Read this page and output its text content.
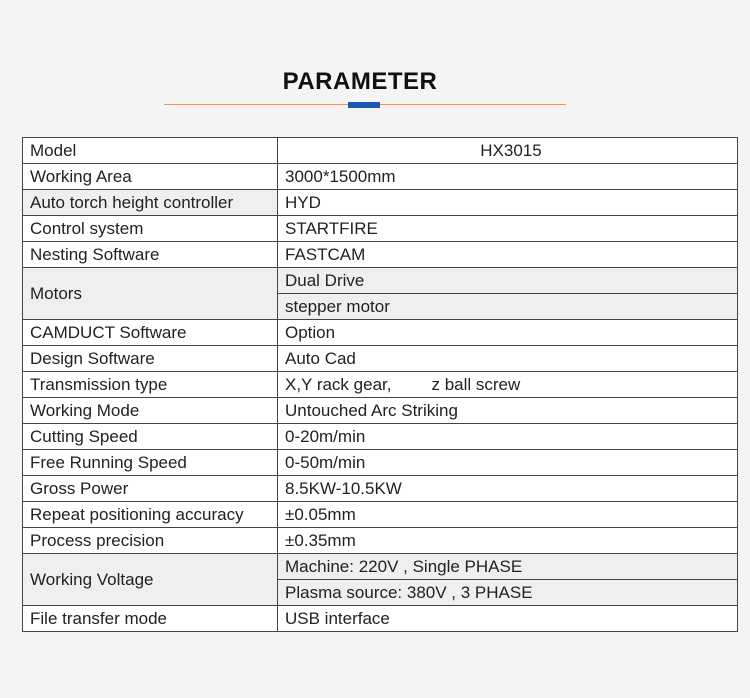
PARAMETER
Model	HX3015
Working Area	3000*1500mm
Auto torch height controller	HYD
Control system	STARTFIRE
Nesting Software	FASTCAM
Motors	Dual Drive
	stepper motor
CAMDUCT Software	Option
Design Software	Auto Cad
Transmission type	X,Y rack gear, z ball screw
Working Mode	Untouched Arc Striking
Cutting Speed	0-20m/min
Free Running Speed	0-50m/min
Gross Power	8.5KW-10.5KW
Repeat positioning accuracy	±0.05mm
Process precision	±0.35mm
Working Voltage	Machine: 220V , Single PHASE
	Plasma source: 380V , 3 PHASE
File transfer mode	USB interface
